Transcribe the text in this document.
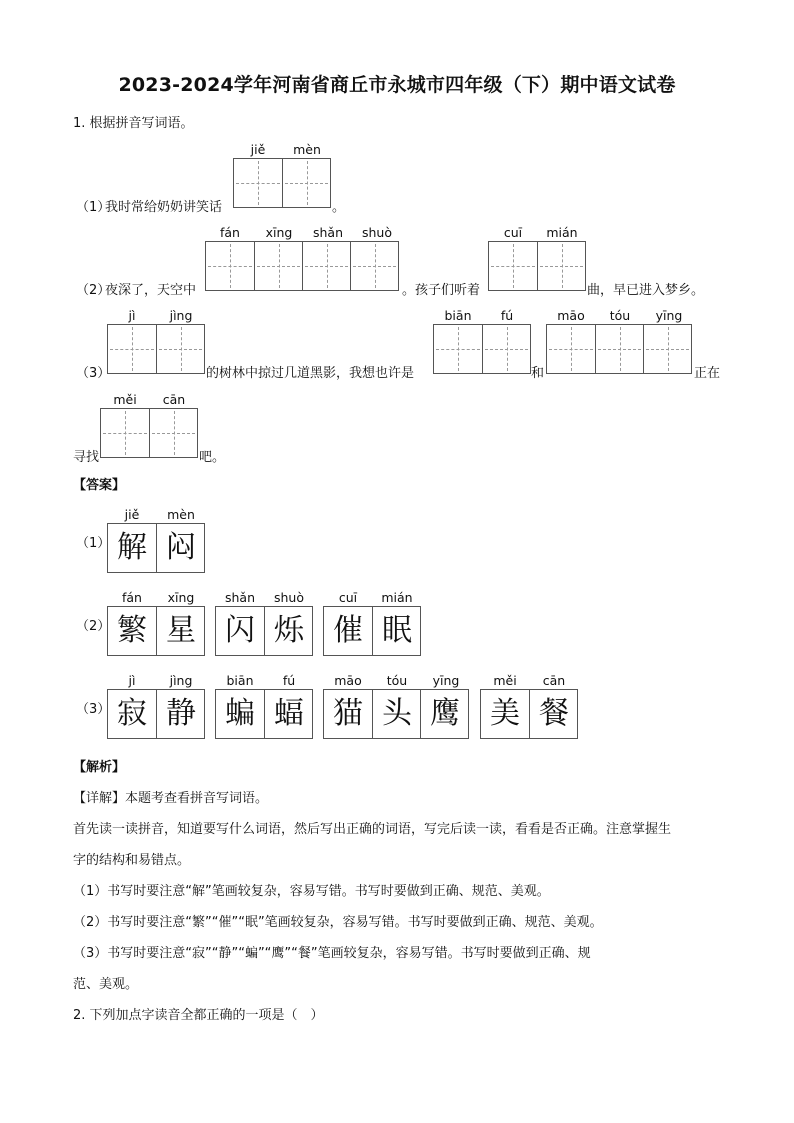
2023-2024学年河南省商丘市永城市四年级（下）期中语文试卷
1. 根据拼音写词语。
jiě	mèn
（1）
我时常给奶奶讲笑话	。
fán	xīng	shǎn	shuò	cuī	mián
（2）
夜深了，天空中	。孩子们听着	曲，早已进入梦乡。
jì	jìng	biān	fú	māo	tóu	yīng
（3）	的树林中掠过几道黑影，我想也许是	和	正在
měi	cān
寻找	吧。
【答案】
（1）
jiě	mèn
解 闷
（2）
fán	xīng
繁 星
shǎn	shuò
闪 烁
cuī	mián
催 眠
（3）
jì	jìng
寂 静
biān	fú
蝙 蝠
māo	tóu	yīng
猫 头 鹰
měi	cān
美 餐
【解析】
【详解】本题考查看拼音写词语。
首先读一读拼音，知道要写什么词语，然后写出正确的词语，写完后读一读，看看是否正确。注意掌握生
字的结构和易错点。
（1）书写时要注意“解”笔画较复杂，容易写错。书写时要做到正确、规范、美观。
（2）书写时要注意“繁”“催”“眠”笔画较复杂，容易写错。书写时要做到正确、规范、美观。
（3）书写时要注意“寂”“静”“蝙”“鹰”“餐”笔画较复杂，容易写错。书写时要做到正确、规
范、美观。
2. 下列加点字读音全都正确的一项是（　）
